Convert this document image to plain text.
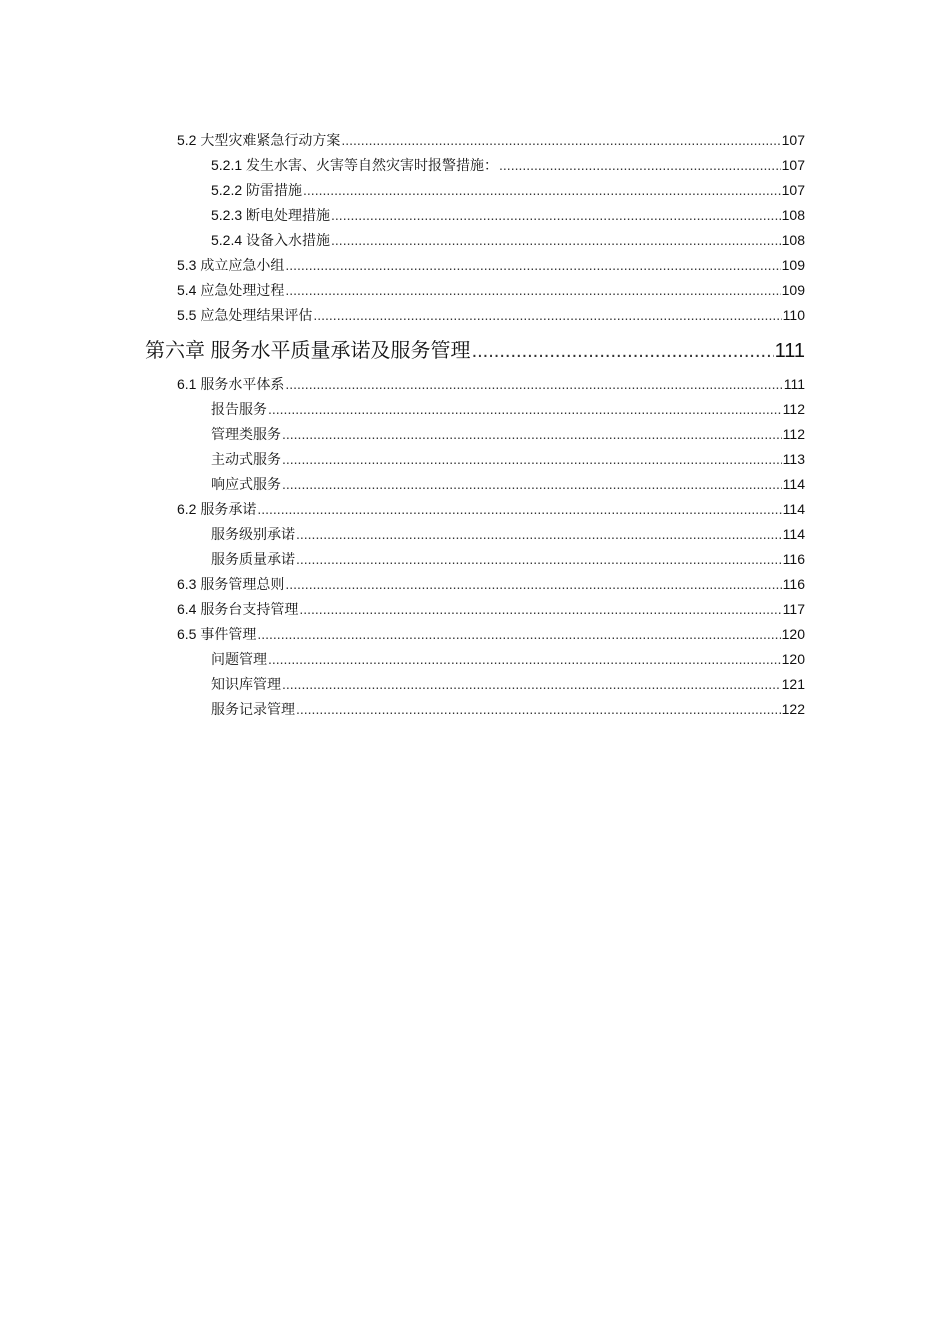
5.2 大型灾难紧急行动方案 .....	107
5.2.1 发生水害、火害等自然灾害时报警措施： .....	107
5.2.2 防雷措施 .....	107
5.2.3 断电处理措施 .....	108
5.2.4 设备入水措施 .....	108
5.3 成立应急小组 .....	109
5.4 应急处理过程 .....	109
5.5 应急处理结果评估 .....	110
第六章 服务水平质量承诺及服务管理 .....	111
6.1 服务水平体系 .....	111
报告服务 .....	112
管理类服务 .....	112
主动式服务 .....	113
响应式服务 .....	114
6.2 服务承诺 .....	114
服务级别承诺 .....	114
服务质量承诺 .....	116
6.3 服务管理总则 .....	116
6.4 服务台支持管理 .....	117
6.5 事件管理 .....	120
问题管理 .....	120
知识库管理 .....	121
服务记录管理 .....	122
